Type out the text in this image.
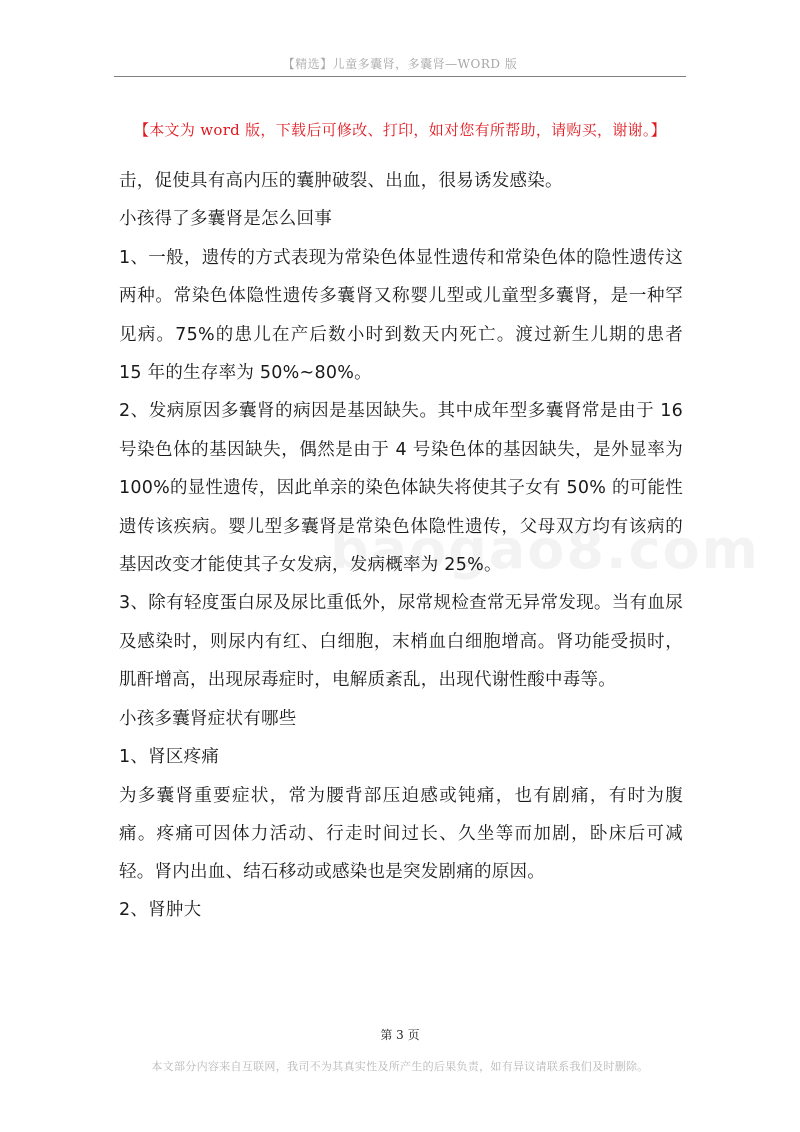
【精选】儿童多囊肾，多囊肾—WORD 版
【本文为 word 版，下载后可修改、打印，如对您有所帮助，请购买，谢谢。】

击，促使具有高内压的囊肿破裂、出血，很易诱发感染。

小孩得了多囊肾是怎么回事

1、一般，遗传的方式表现为常染色体显性遗传和常染色体的隐性遗传这两种。常染色体隐性遗传多囊肾又称婴儿型或儿童型多囊肾，是一种罕见病。75%的患儿在产后数小时到数天内死亡。渡过新生儿期的患者 15 年的生存率为 50%~80%。

2、发病原因多囊肾的病因是基因缺失。其中成年型多囊肾常是由于 16 号染色体的基因缺失，偶然是由于 4 号染色体的基因缺失，是外显率为 100%的显性遗传，因此单亲的染色体缺失将使其子女有 50% 的可能性遗传该疾病。婴儿型多囊肾是常染色体隐性遗传，父母双方均有该病的基因改变才能使其子女发病，发病概率为 25%。

3、除有轻度蛋白尿及尿比重低外，尿常规检查常无异常发现。当有血尿及感染时，则尿内有红、白细胞，末梢血白细胞增高。肾功能受损时，肌酐增高，出现尿毒症时，电解质紊乱，出现代谢性酸中毒等。

小孩多囊肾症状有哪些

1、肾区疼痛

为多囊肾重要症状，常为腰背部压迫感或钝痛，也有剧痛，有时为腹痛。疼痛可因体力活动、行走时间过长、久坐等而加剧，卧床后可减轻。肾内出血、结石移动或感染也是突发剧痛的原因。

2、肾肿大

第 3 页
本文部分内容来自互联网，我司不为其真实性及所产生的后果负责，如有异议请联系我们及时删除。
